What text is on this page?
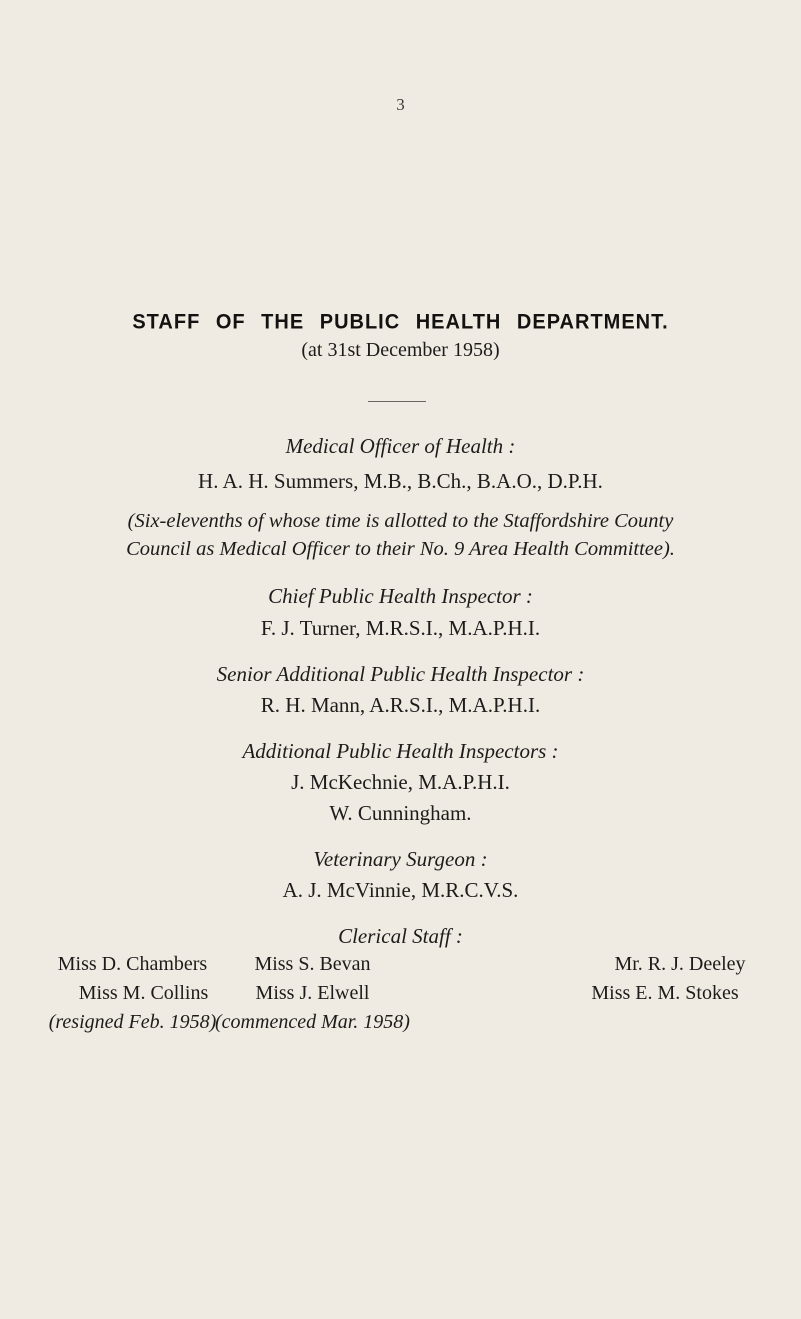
3
STAFF OF THE PUBLIC HEALTH DEPARTMENT.
(at 31st December 1958)
Medical Officer of Health :
H. A. H. Summers, M.B., B.Ch., B.A.O., D.P.H.
(Six-elevenths of whose time is allotted to the Staffordshire County
Council as Medical Officer to their No. 9 Area Health Committee).
Chief Public Health Inspector :
F. J. Turner, M.R.S.I., M.A.P.H.I.
Senior Additional Public Health Inspector :
R. H. Mann, A.R.S.I., M.A.P.H.I.
Additional Public Health Inspectors :
J. McKechnie, M.A.P.H.I.
W. Cunningham.
Veterinary Surgeon :
A. J. McVinnie, M.R.C.V.S.
Clerical Staff :
Miss D. Chambers
Miss M. Collins
(resigned Feb. 1958)
Miss S. Bevan
Miss J. Elwell
(commenced Mar. 1958)
Mr. R. J. Deeley
Miss E. M. Stokes
